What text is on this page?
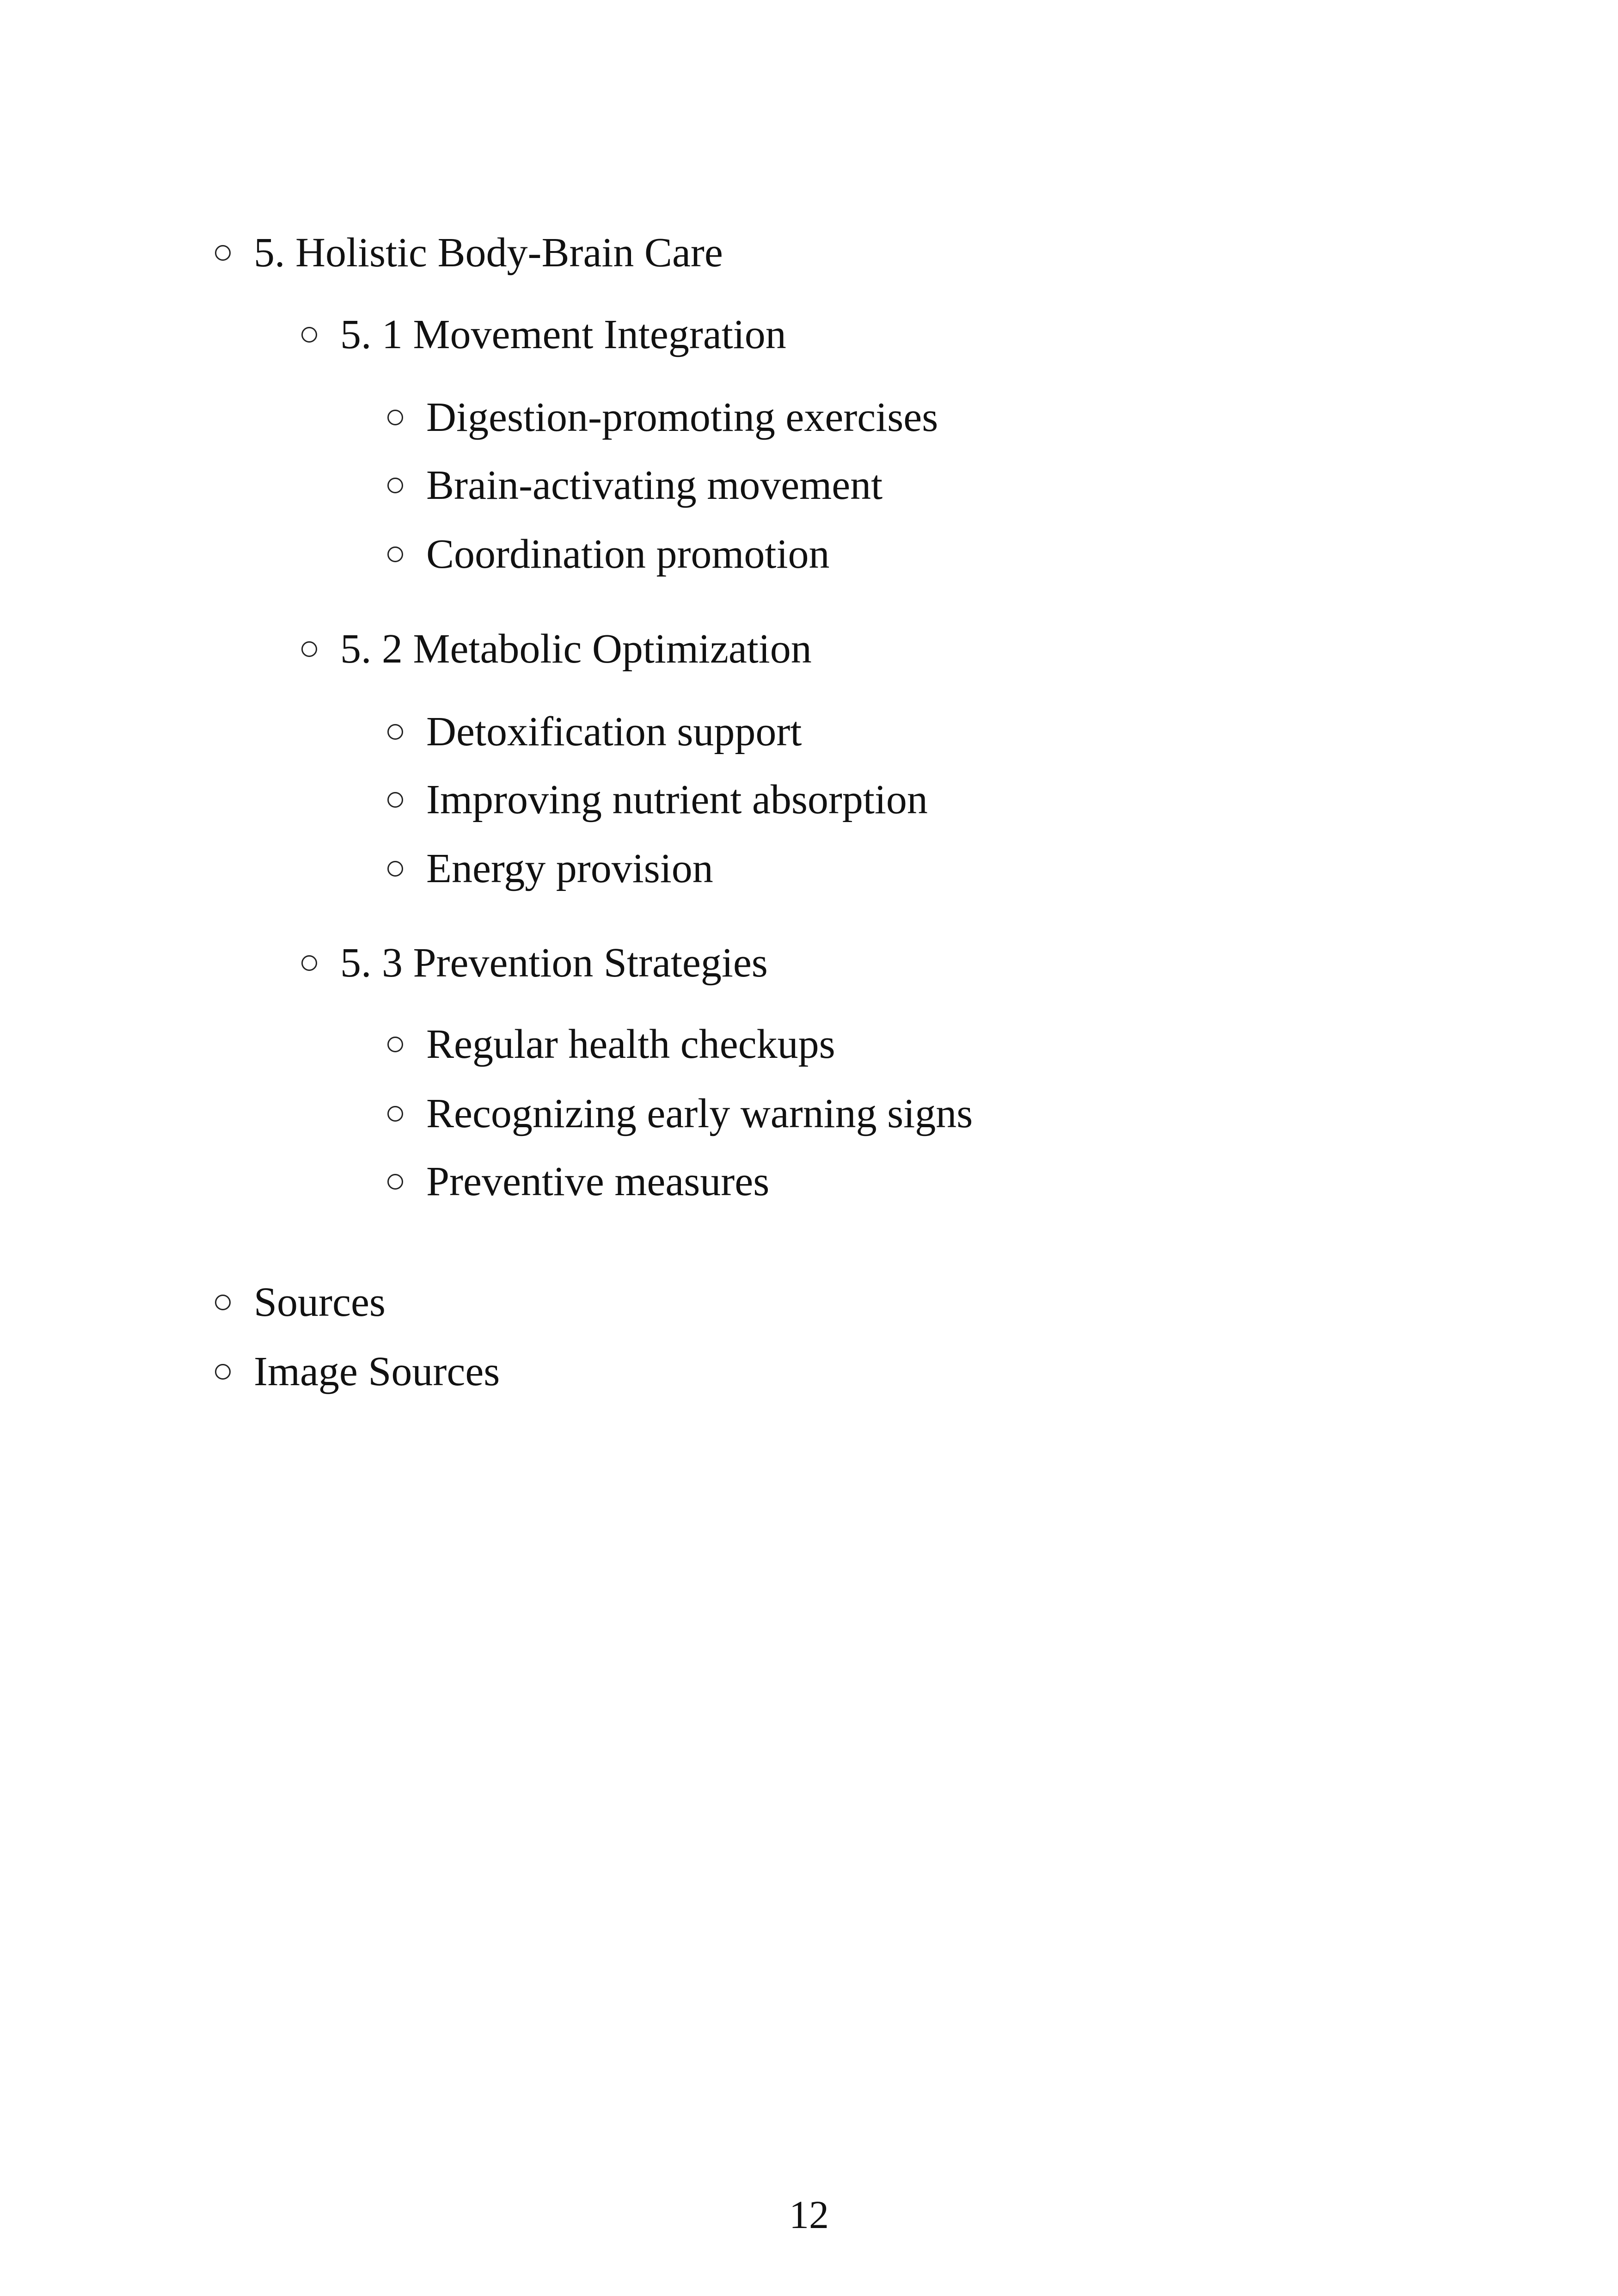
5. Holistic Body-Brain Care
5. 1 Movement Integration
Digestion-promoting exercises
Brain-activating movement
Coordination promotion
5. 2 Metabolic Optimization
Detoxification support
Improving nutrient absorption
Energy provision
5. 3 Prevention Strategies
Regular health checkups
Recognizing early warning signs
Preventive measures
Sources
Image Sources
12
